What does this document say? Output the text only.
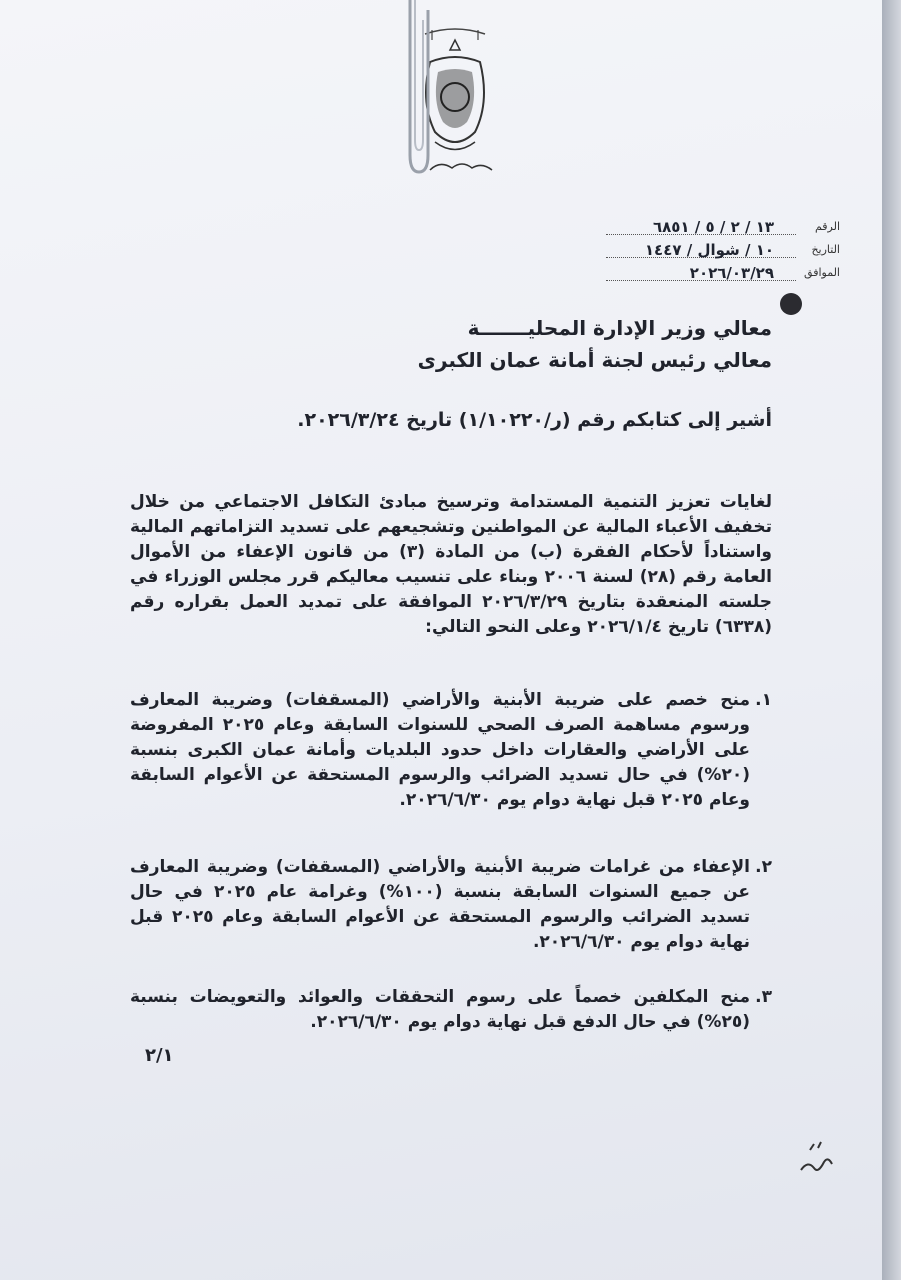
الرقم
١٣ / ٢ / ٥ / ٦٨٥١
التاريخ
١٠ / شوال / ١٤٤٧
الموافق
٢٠٢٦/٠٣/٢٩
معالي وزير الإدارة المحليـــــــة
معالي رئيس لجنة أمانة عمان الكبرى
أشير إلى كتابكم رقم (ر/١/١٠٢٢٠) تاريخ ٢٠٢٦/٣/٢٤.
لغايات تعزيز التنمية المستدامة وترسيخ مبادئ التكافل الاجتماعي من خلال تخفيف الأعباء المالية عن المواطنين وتشجيعهم على تسديد التزاماتهم المالية واستناداً لأحكام الفقرة (ب) من المادة (٣) من قانون الإعفاء من الأموال العامة رقم (٢٨) لسنة ٢٠٠٦ وبناء على تنسيب معاليكم قرر مجلس الوزراء في جلسته المنعقدة بتاريخ ٢٠٢٦/٣/٢٩ الموافقة على تمديد العمل بقراره رقم (٦٣٣٨) تاريخ ٢٠٢٦/١/٤ وعلى النحو التالي:
١.
منح خصم على ضريبة الأبنية والأراضي (المسقفات) وضريبة المعارف ورسوم مساهمة الصرف الصحي للسنوات السابقة وعام ٢٠٢٥ المفروضة على الأراضي والعقارات داخل حدود البلديات وأمانة عمان الكبرى بنسبة (٢٠%) في حال تسديد الضرائب والرسوم المستحقة عن الأعوام السابقة وعام ٢٠٢٥ قبل نهاية دوام يوم ٢٠٢٦/٦/٣٠.
٢.
الإعفاء من غرامات ضريبة الأبنية والأراضي (المسقفات) وضريبة المعارف عن جميع السنوات السابقة بنسبة (١٠٠%) وغرامة عام ٢٠٢٥ في حال تسديد الضرائب والرسوم المستحقة عن الأعوام السابقة وعام ٢٠٢٥ قبل نهاية دوام يوم ٢٠٢٦/٦/٣٠.
٣.
منح المكلفين خصماً على رسوم التحققات والعوائد والتعويضات بنسبة (٢٥%) في حال الدفع قبل نهاية دوام يوم ٢٠٢٦/٦/٣٠.
٢/١
